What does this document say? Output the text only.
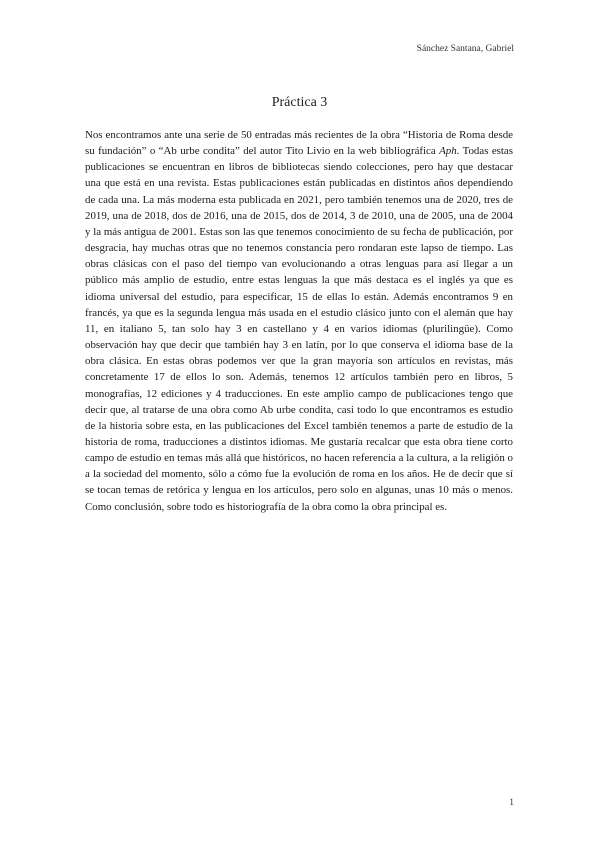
Sánchez Santana, Gabriel
Práctica 3

Nos encontramos ante una serie de 50 entradas más recientes de la obra “Historia de Roma desde su fundación” o “Ab urbe condita” del autor Tito Livio en la web bibliográfica Aph. Todas estas publicaciones se encuentran en libros de bibliotecas siendo colecciones, pero hay que destacar una que está en una revista. Estas publicaciones están publicadas en distintos años dependiendo de cada una. La más moderna esta publicada en 2021, pero también tenemos una de 2020, tres de 2019, una de 2018, dos de 2016, una de 2015, dos de 2014, 3 de 2010, una de 2005, una de 2004 y la más antigua de 2001. Estas son las que tenemos conocimiento de su fecha de publicación, por desgracia, hay muchas otras que no tenemos constancia pero rondaran este lapso de tiempo. Las obras clásicas con el paso del tiempo van evolucionando a otras lenguas para así llegar a un público más amplio de estudio, entre estas lenguas la que más destaca es el inglés ya que es idioma universal del estudio, para especificar, 15 de ellas lo están. Además encontramos 9 en francés, ya que es la segunda lengua más usada en el estudio clásico junto con el alemán que hay 11, en italiano 5, tan solo hay 3 en castellano y 4 en varios idiomas (plurilingüe). Como observación hay que decir que también hay 3 en latín, por lo que conserva el idioma base de la obra clásica. En estas obras podemos ver que la gran mayoría son artículos en revistas, más concretamente 17 de ellos lo son. Además, tenemos 12 artículos también pero en libros, 5 monografías, 12 ediciones y 4 traducciones. En este amplio campo de publicaciones tengo que decir que, al tratarse de una obra como Ab urbe condita, casi todo lo que encontramos es estudio de la historia sobre esta, en las publicaciones del Excel también tenemos a parte de estudio de la historia de roma, traducciones a distintos idiomas. Me gustaría recalcar que esta obra tiene corto campo de estudio en temas más allá que históricos, no hacen referencia a la cultura, a la religión o a la sociedad del momento, sólo a cómo fue la evolución de roma en los años. He de decir que sí se tocan temas de retórica y lengua en los artículos, pero solo en algunas, unas 10 más o menos. Como conclusión, sobre todo es historiografía de la obra como la obra principal es.

1
